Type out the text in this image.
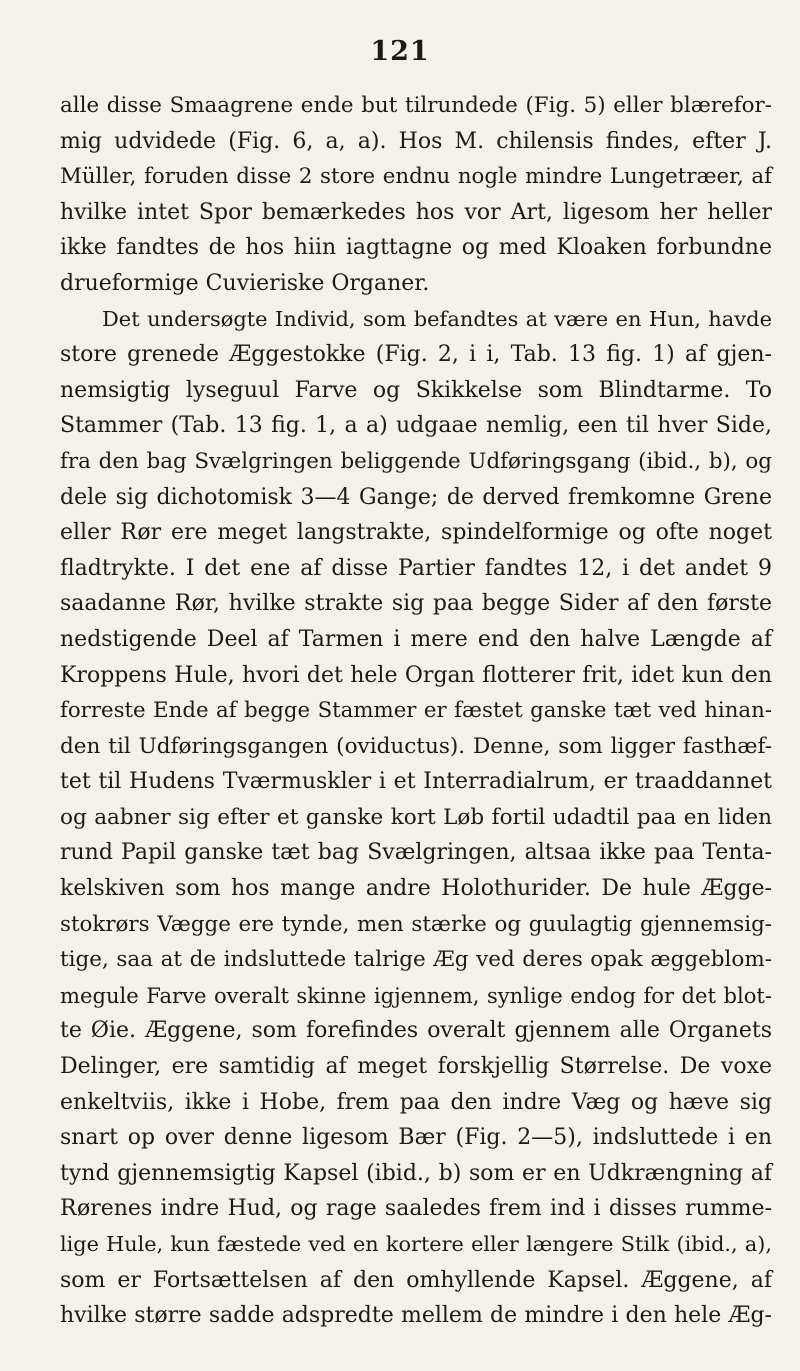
121
alle disse Smaagrene ende but tilrundede (Fig. 5) eller blærefor-
mig udvidede (Fig. 6, a, a). Hos M. chilensis findes, efter J.
Müller, foruden disse 2 store endnu nogle mindre Lungetræer, af
hvilke intet Spor bemærkedes hos vor Art, ligesom her heller
ikke fandtes de hos hiin iagttagne og med Kloaken forbundne
drueformige Cuvieriske Organer.
Det undersøgte Individ, som befandtes at være en Hun, havde
store grenede Æggestokke (Fig. 2, i i, Tab. 13 fig. 1) af gjen-
nemsigtig lyseguul Farve og Skikkelse som Blindtarme. To
Stammer (Tab. 13 fig. 1, a a) udgaae nemlig, een til hver Side,
fra den bag Svælgringen beliggende Udføringsgang (ibid., b), og
dele sig dichotomisk 3—4 Gange; de derved fremkomne Grene
eller Rør ere meget langstrakte, spindelformige og ofte noget
fladtrykte. I det ene af disse Partier fandtes 12, i det andet 9
saadanne Rør, hvilke strakte sig paa begge Sider af den første
nedstigende Deel af Tarmen i mere end den halve Længde af
Kroppens Hule, hvori det hele Organ flotterer frit, idet kun den
forreste Ende af begge Stammer er fæstet ganske tæt ved hinan-
den til Udføringsgangen (oviductus). Denne, som ligger fasthæf-
tet til Hudens Tværmuskler i et Interradialrum, er traaddannet
og aabner sig efter et ganske kort Løb fortil udadtil paa en liden
rund Papil ganske tæt bag Svælgringen, altsaa ikke paa Tenta-
kelskiven som hos mange andre Holothurider. De hule Ægge-
stokrørs Vægge ere tynde, men stærke og guulagtig gjennemsig-
tige, saa at de indsluttede talrige Æg ved deres opak æggeblom-
megule Farve overalt skinne igjennem, synlige endog for det blot-
te Øie. Æggene, som forefindes overalt gjennem alle Organets
Delinger, ere samtidig af meget forskjellig Størrelse. De voxe
enkeltviis, ikke i Hobe, frem paa den indre Væg og hæve sig
snart op over denne ligesom Bær (Fig. 2—5), indsluttede i en
tynd gjennemsigtig Kapsel (ibid., b) som er en Udkrængning af
Rørenes indre Hud, og rage saaledes frem ind i disses rumme-
lige Hule, kun fæstede ved en kortere eller længere Stilk (ibid., a),
som er Fortsættelsen af den omhyllende Kapsel. Æggene, af
hvilke større sadde adspredte mellem de mindre i den hele Æg-
